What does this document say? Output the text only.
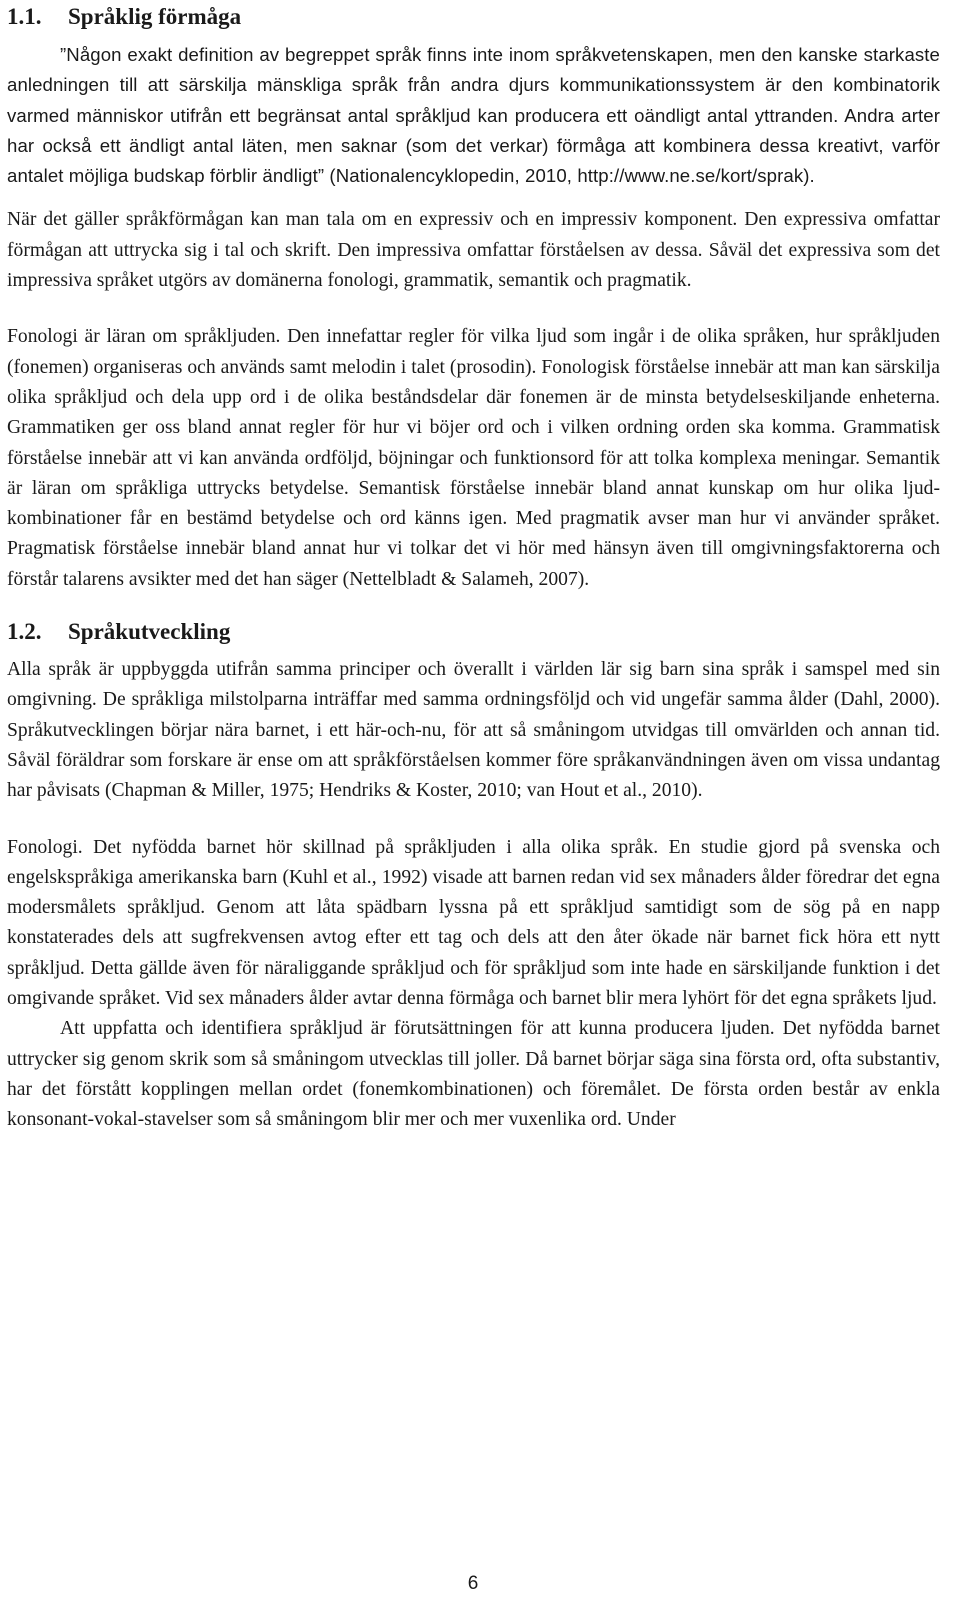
1.1.	Språklig förmåga

”Någon exakt definition av begreppet språk finns inte inom språkvetenskapen, men den kanske starkaste anledningen till att särskilja mänskliga språk från andra djurs kommunikationssystem är den kombinatorik varmed människor utifrån ett begränsat antal språkljud kan producera ett oändligt antal yttranden. Andra arter har också ett ändligt antal läten, men saknar (som det verkar) förmåga att kombinera dessa kreativt, varför antalet möjliga budskap förblir ändligt” (Nationalencyklopedin, 2010, http://www.ne.se/kort/sprak).

När det gäller språkförmågan kan man tala om en expressiv och en impressiv komponent. Den expressiva omfattar förmågan att uttrycka sig i tal och skrift. Den impressiva omfattar förståelsen av dessa. Såväl det expressiva som det impressiva språket utgörs av domänerna fonologi, grammatik, semantik och pragmatik.

Fonologi är läran om språkljuden. Den innefattar regler för vilka ljud som ingår i de olika språken, hur språkljuden (fonemen) organiseras och används samt melodin i talet (prosodin). Fonologisk förståelse innebär att man kan särskilja olika språkljud och dela upp ord i de olika beståndsdelar där fonemen är de minsta betydelseskiljande enheterna. Grammatiken ger oss bland annat regler för hur vi böjer ord och i vilken ordning orden ska komma. Grammatisk förståelse innebär att vi kan använda ordföljd, böjningar och funktionsord för att tolka komplexa meningar. Semantik är läran om språkliga uttrycks betydelse. Semantisk förståelse innebär bland annat kunskap om hur olika ljud-kombinationer får en bestämd betydelse och ord känns igen. Med pragmatik avser man hur vi använder språket. Pragmatisk förståelse innebär bland annat hur vi tolkar det vi hör med hänsyn även till omgivningsfaktorerna och förstår talarens avsikter med det han säger (Nettelbladt & Salameh, 2007).

1.2.	Språkutveckling

Alla språk är uppbyggda utifrån samma principer och överallt i världen lär sig barn sina språk i samspel med sin omgivning. De språkliga milstolparna inträffar med samma ordningsföljd och vid ungefär samma ålder (Dahl, 2000). Språkutvecklingen börjar nära barnet, i ett här-och-nu, för att så småningom utvidgas till omvärlden och annan tid. Såväl föräldrar som forskare är ense om att språkförståelsen kommer före språkanvändningen även om vissa undantag har påvisats (Chapman & Miller, 1975; Hendriks & Koster, 2010; van Hout et al., 2010).

Fonologi. Det nyfödda barnet hör skillnad på språkljuden i alla olika språk. En studie gjord på svenska och engelskspråkiga amerikanska barn (Kuhl et al., 1992) visade att barnen redan vid sex månaders ålder föredrar det egna modersmålets språkljud. Genom att låta spädbarn lyssna på ett språkljud samtidigt som de sög på en napp konstaterades dels att sugfrekvensen avtog efter ett tag och dels att den åter ökade när barnet fick höra ett nytt språkljud. Detta gällde även för näraliggande språkljud och för språkljud som inte hade en särskiljande funktion i det omgivande språket. Vid sex månaders ålder avtar denna förmåga och barnet blir mera lyhört för det egna språkets ljud.

Att uppfatta och identifiera språkljud är förutsättningen för att kunna producera ljuden. Det nyfödda barnet uttrycker sig genom skrik som så småningom utvecklas till joller. Då barnet börjar säga sina första ord, ofta substantiv, har det förstått kopplingen mellan ordet (fonemkombinationen) och föremålet. De första orden består av enkla konsonant-vokal-stavelser som så småningom blir mer och mer vuxenlika ord. Under

6
